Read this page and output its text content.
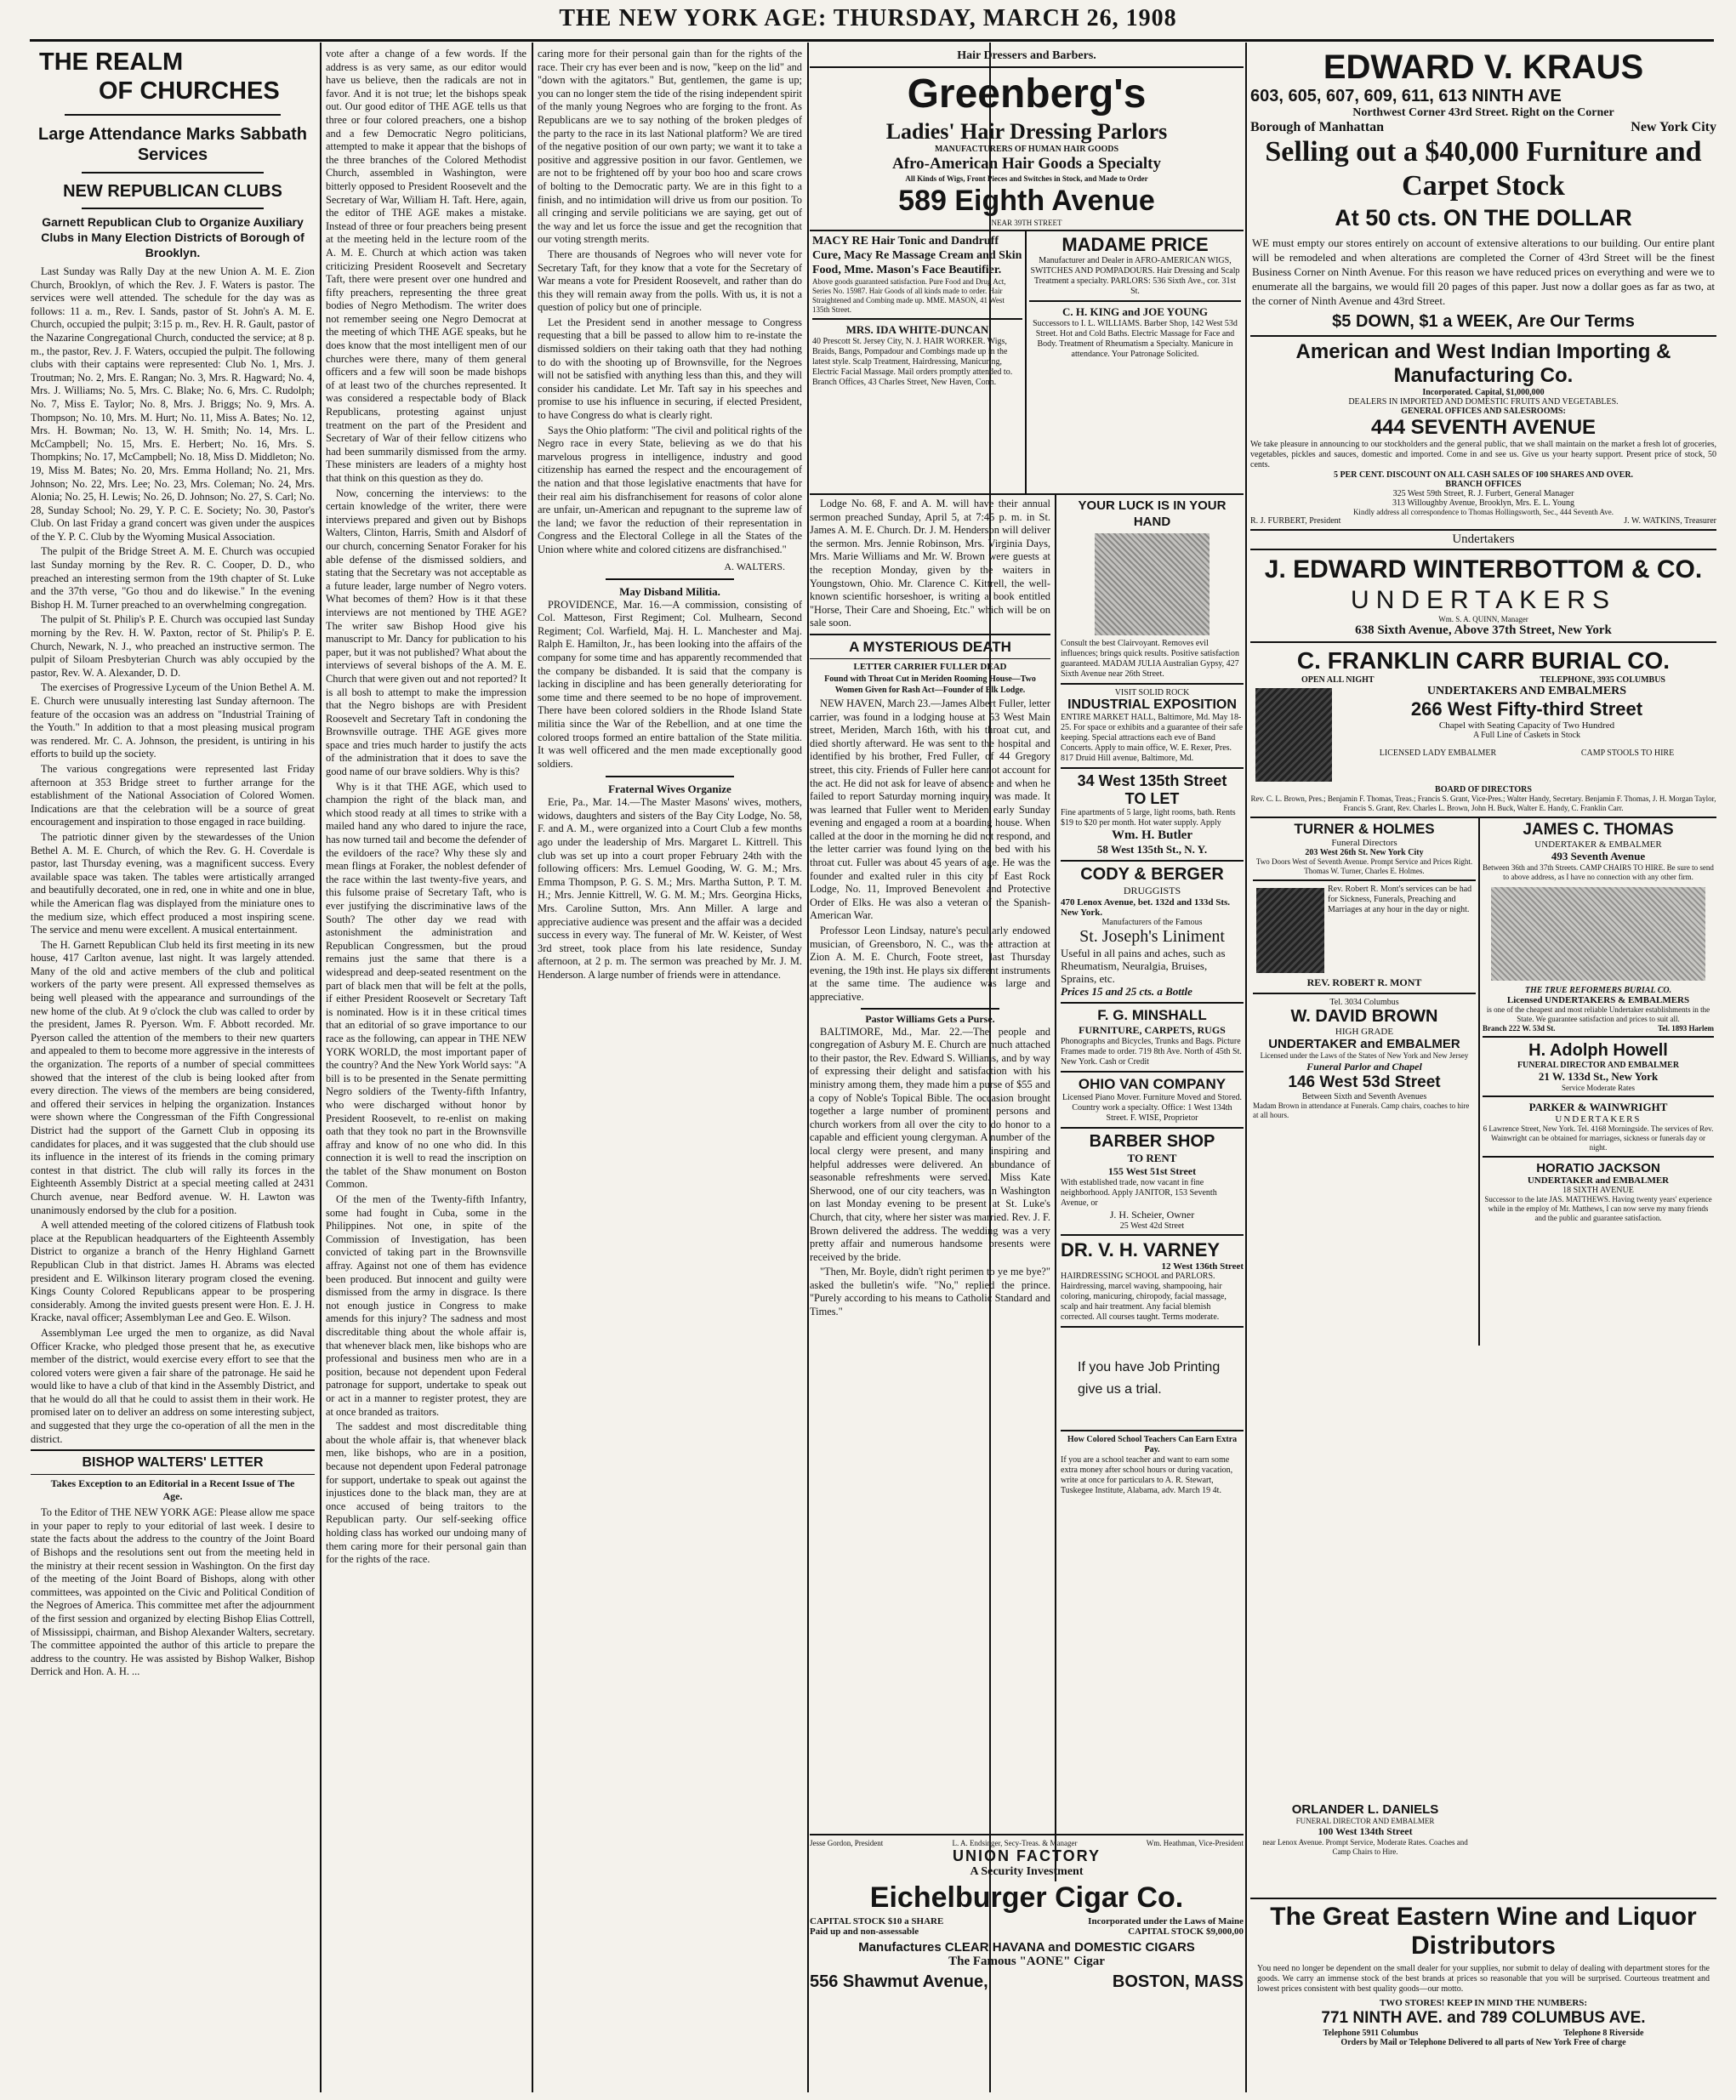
THE NEW YORK AGE: THURSDAY, MARCH 26, 1908
THE REALM
OF CHURCHES
Large Attendance Marks Sabbath Services
NEW REPUBLICAN CLUBS
Garnett Republican Club to Organize Auxiliary Clubs in Many Election Districts of Borough of Brooklyn.

Last Sunday was Rally Day at the new Union A. M. E. Zion Church, Brooklyn, of which the Rev. J. F. Waters is pastor. The services were well attended. The schedule for the day was as follows: 11 a. m., Rev. I. Sands, pastor of St. John's A. M. E. Church, occupied the pulpit; 3:15 p. m., Rev. H. R. Gault, pastor of the Nazarine Congregational Church, conducted the service; at 8 p. m., the pastor, Rev. J. F. Waters, occupied the pulpit. The following clubs with their captains were represented: Club No. 1, Mrs. J. Troutman; No. 2, Mrs. E. Rangan; No. 3, Mrs. R. Hagward; No. 4, Mrs. J. Williams; No. 5, Mrs. C. Blake; No. 6, Mrs. C. Rudolph; No. 7, Miss E. Taylor; No. 8, Mrs. J. Briggs; No. 9, Mrs. A. Thompson; No. 10, Mrs. M. Hurt; No. 11, Miss A. Bates; No. 12, Mrs. H. Bowman; No. 13, W. H. Smith; No. 14, Mrs. L. McCampbell; No. 15, Mrs. E. Herbert; No. 16, Mrs. S. Thompkins; No. 17, McCampbell; No. 18, Miss D. Middleton; No. 19, Miss M. Bates; No. 20, Mrs. Emma Holland; No. 21, Mrs. Johnson; No. 22, Mrs. Lee; No. 23, Mrs. Coleman; No. 24, Mrs. Alonia; No. 25, H. Lewis; No. 26, D. Johnson; No. 27, S. Carl; No. 28, Sunday School; No. 29, Y. P. C. E. Society; No. 30, Pastor's Club. On last Friday a grand concert was given under the auspices of the Y. P. C. Club by the Wyoming Musical Association.

The pulpit of the Bridge Street A. M. E. Church was occupied last Sunday morning by the Rev. R. C. Cooper, D. D., who preached an interesting sermon from the 19th chapter of St. Luke and the 37th verse, "Go thou and do likewise." In the evening Bishop H. M. Turner preached to an overwhelming congregation.

The pulpit of St. Philip's P. E. Church was occupied last Sunday morning by the Rev. H. W. Paxton, rector of St. Philip's P. E. Church, Newark, N. J., who preached an instructive sermon. The pulpit of Siloam Presbyterian Church was ably occupied by the pastor, Rev. W. A. Alexander, D. D.

The exercises of Progressive Lyceum of the Union Bethel A. M. E. Church were unusually interesting last Sunday afternoon. The feature of the occasion was an address on "Industrial Training of the Youth." In addition to that a most pleasing musical program was rendered. Mr. C. A. Johnson, the president, is untiring in his efforts to build up the society.

The various congregations were represented last Friday afternoon at 353 Bridge street to further arrange for the establishment of the National Association of Colored Women. Indications are that the celebration will be a source of great encouragement and inspiration to those engaged in race building.

The patriotic dinner given by the stewardesses of the Union Bethel A. M. E. Church, of which the Rev. G. H. Coverdale is pastor, last Thursday evening, was a magnificent success. Every available space was taken. The tables were artistically arranged and beautifully decorated, one in red, one in white and one in blue, while the American flag was displayed from the miniature ones to the medium size, which effect produced a most inspiring scene. The service and menu were excellent. A musical entertainment.

The H. Garnett Republican Club held its first meeting in its new house, 417 Carlton avenue, last night. It was largely attended. Many of the old and active members of the club and political workers of the party were present. All expressed themselves as being well pleased with the appearance and surroundings of the new home of the club. At 9 o'clock the club was called to order by the president, James R. Pyerson. Wm. F. Abbott recorded. Mr. Pyerson called the attention of the members to their new quarters and appealed to them to become more aggressive in the interests of the organization. The reports of a number of special committees showed that the interest of the club is being looked after from every direction. The views of the members are being considered, and offered their services in helping the organization. Instances were shown where the Congressman of the Fifth Congressional District had the support of the Garnett Club in opposing its candidates for places, and it was suggested that the club should use its influence in the interest of its friends in the coming primary contest in that district. The club will rally its forces in the Eighteenth Assembly District at a special meeting called at 2431 Church avenue, near Bedford avenue. W. H. Lawton was unanimously endorsed by the club for a position.

A well attended meeting of the colored citizens of Flatbush took place at the Republican headquarters of the Eighteenth Assembly District to organize a branch of the Henry Highland Garnett Republican Club in that district. James H. Abrams was elected president and E. Wilkinson literary program closed the evening. Kings County Colored Republicans appear to be prospering considerably. Among the invited guests present were Hon. E. J. H. Kracke, naval officer; Assemblyman Lee and Geo. E. Wilson.

Assemblyman Lee urged the men to organize, as did Naval Officer Kracke, who pledged those present that he, as executive member of the district, would exercise every effort to see that the colored voters were given a fair share of the patronage. He said he would like to have a club of that kind in the Assembly District, and that he would do all that he could to assist them in their work. He promised later on to deliver an address on some interesting subject, and suggested that they urge the co-operation of all the men in the district.

BISHOP WALTERS' LETTER
Takes Exception to an Editorial in a Recent Issue of The Age.

To the Editor of THE NEW YORK AGE: Please allow me space in your paper to reply to your editorial of last week. I desire to state the facts about the address to the country of the Joint Board of Bishops and the resolutions sent out from the meeting held in the ministry at their recent session in Washington. On the first day of the meeting of the Joint Board of Bishops, along with other committees, was appointed on the Civic and Political Condition of the Negroes of America. This committee met after the adjournment of the first session and organized by electing Bishop Elias Cottrell, of Mississippi, chairman, and Bishop Alexander Walters, secretary. The committee appointed the author of this article to prepare the address to the country. He was assisted by Bishop Walker, Bishop Derrick and Hon. A. H. ...

vote after a change of a few words. If the address is as very same, as our editor would have us believe, then the radicals are not in favor. And it is not true; let the bishops speak out. Our good editor of THE AGE tells us that three or four colored preachers, one a bishop and a few Democratic Negro politicians, attempted to make it appear that the bishops of the three branches of the Colored Methodist Church, assembled in Washington, were bitterly opposed to President Roosevelt and the Secretary of War, William H. Taft. Here, again, the editor of THE AGE makes a mistake. Instead of three or four preachers being present at the meeting held in the lecture room of the A. M. E. Church at which action was taken criticizing President Roosevelt and Secretary Taft, there were present over one hundred and fifty preachers, representing the three great bodies of Negro Methodism. The writer does not remember seeing one Negro Democrat at the meeting of which THE AGE speaks, but he does know that the most intelligent men of our churches were there, many of them general officers and a few will soon be made bishops of at least two of the churches represented. It was considered a respectable body of Black Republicans, protesting against unjust treatment on the part of the President and Secretary of War of their fellow citizens who had been summarily dismissed from the army. These ministers are leaders of a mighty host that think on this question as they do.

Now, concerning the interviews: to the certain knowledge of the writer, there were interviews prepared and given out by Bishops Walters, Clinton, Harris, Smith and Alsdorf of our church, concerning Senator Foraker for his able defense of the dismissed soldiers, and stating that the Secretary was not acceptable as a future leader, large number of Negro voters. What becomes of them? How is it that these interviews are not mentioned by THE AGE? The writer saw Bishop Hood give his manuscript to Mr. Dancy for publication to his paper, but it was not published? What about the interviews of several bishops of the A. M. E. Church that were given out and not reported? It is all bosh to attempt to make the impression that the Negro bishops are with President Roosevelt and Secretary Taft in condoning the Brownsville outrage. THE AGE gives more space and tries much harder to justify the acts of the administration that it does to save the good name of our brave soldiers. Why is this?

Why is it that THE AGE, which used to champion the right of the black man, and which stood ready at all times to strike with a mailed hand any who dared to injure the race, has now turned tail and become the defender of the evildoers of the race? Why these sly and mean flings at Foraker, the noblest defender of the race within the last twenty-five years, and this fulsome praise of Secretary Taft, who is ever justifying the discriminative laws of the South? The other day we read with astonishment the administration and Republican Congressmen, but the proud remains just the same that there is a widespread and deep-seated resentment on the part of black men that will be felt at the polls, if either President Roosevelt or Secretary Taft is nominated. How is it in these critical times that an editorial of so grave importance to our race as the following, can appear in THE NEW YORK WORLD, the most important paper of the country? And the New York World says: "A bill is to be presented in the Senate permitting Negro soldiers of the Twenty-fifth Infantry, who were discharged without honor by President Roosevelt, to re-enlist on making oath that they took no part in the Brownsville affray and know of no one who did. In this connection it is well to read the inscription on the tablet of the Shaw monument on Boston Common.

Of the men of the Twenty-fifth Infantry, some had fought in Cuba, some in the Philippines. Not one, in spite of the Commission of Investigation, has been convicted of taking part in the Brownsville affray. Against not one of them has evidence been produced. But innocent and guilty were dismissed from the army in disgrace. Is there not enough justice in Congress to make amends for this injury? The sadness and most discreditable thing about the whole affair is, that whenever black men, like bishops who are professional and business men who are in a position, because not dependent upon Federal patronage for support, undertake to speak out or act in a manner to register protest, they are at once branded as traitors.

The saddest and most discreditable thing about the whole affair is, that whenever black men, like bishops, who are in a position, because not dependent upon Federal patronage for support, undertake to speak out against the injustices done to the black man, they are at once accused of being traitors to the Republican party. Our self-seeking office holding class has worked our undoing many of them caring more for their personal gain than for the rights of the race.

caring more for their personal gain than for the rights of the race. Their cry has ever been and is now, "keep on the lid" and "down with the agitators." But, gentlemen, the game is up; you can no longer stem the tide of the rising independent spirit of the manly young Negroes who are forging to the front. As Republicans are we to say nothing of the broken pledges of the party to the race in its last National platform? We are tired of the negative position of our own party; we want it to take a positive and aggressive position in our favor. Gentlemen, we are not to be frightened off by your boo hoo and scare crows of bolting to the Democratic party. We are in this fight to a finish, and no intimidation will drive us from our position. To all cringing and servile politicians we are saying, get out of the way and let us force the issue and get the recognition that our voting strength merits.

There are thousands of Negroes who will never vote for Secretary Taft, for they know that a vote for the Secretary of War means a vote for President Roosevelt, and rather than do this they will remain away from the polls. With us, it is not a question of policy but one of principle.

Let the President send in another message to Congress requesting that a bill be passed to allow him to re-instate the dismissed soldiers on their taking oath that they had nothing to do with the shooting up of Brownsville, for the Negroes will not be satisfied with anything less than this, and they will consider his candidate. Let Mr. Taft say in his speeches and promise to use his influence in securing, if elected President, to have Congress do what is clearly right.

Says the Ohio platform: "The civil and political rights of the Negro race in every State, believing as we do that his marvelous progress in intelligence, industry and good citizenship has earned the respect and the encouragement of the nation and that those legislative enactments that have for their real aim his disfranchisement for reasons of color alone are unfair, un-American and repugnant to the supreme law of the land; we favor the reduction of their representation in Congress and the Electoral College in all the States of the Union where white and colored citizens are disfranchised."

A. WALTERS.
May Disband Militia.

PROVIDENCE, Mar. 16.—A commission, consisting of Col. Matteson, First Regiment; Col. Mulhearn, Second Regiment; Col. Warfield, Maj. H. L. Manchester and Maj. Ralph E. Hamilton, Jr., has been looking into the affairs of the company for some time and has apparently recommended that the company be disbanded. It is said that the company is lacking in discipline and has been generally deteriorating for some time and there seemed to be no hope of improvement. There have been colored soldiers in the Rhode Island State militia since the War of the Rebellion, and at one time the colored troops formed an entire battalion of the State militia. It was well officered and the men made exceptionally good soldiers.

Fraternal Wives Organize

Erie, Pa., Mar. 14.—The Master Masons' wives, mothers, widows, daughters and sisters of the Bay City Lodge, No. 58, F. and A. M., were organized into a Court Club a few months ago under the leadership of Mrs. Margaret L. Kittrell. This club was set up into a court proper February 24th with the following officers: Mrs. Lemuel Gooding, W. G. M.; Mrs. Emma Thompson, P. G. S. M.; Mrs. Martha Sutton, P. T. M. H.; Mrs. Jennie Kittrell, W. G. M. M.; Mrs. Georgina Hicks, Mrs. Caroline Sutton, Mrs. Ann Miller. A large and appreciative audience was present and the affair was a decided success in every way. The funeral of Mr. W. Keister, of West 3rd street, took place from his late residence, Sunday afternoon, at 2 p. m. The sermon was preached by Mr. J. M. Henderson. A large number of friends were in attendance.

Hair Dressers and Barbers.
Greenberg's
Ladies' Hair Dressing Parlors
MANUFACTURERS OF HUMAN HAIR GOODS
Afro-American Hair Goods a Specialty
All Kinds of Wigs, Front Pieces and Switches in Stock, and Made to Order
589 Eighth Avenue
NEAR 39TH STREET
MACY RE Hair Tonic and Dandruff Cure, Macy Re Massage Cream and Skin Food, Mme. Mason's Face Beautifier.
Above goods guaranteed satisfaction. Pure Food and Drug Act, Series No. 15987. Hair Goods of all kinds made to order. Hair Straightened and Combing made up. MME. MASON, 41 West 135th Street.
MRS. IDA WHITE-DUNCAN
40 Prescott St. Jersey City, N. J. HAIR WORKER. Wigs, Braids, Bangs, Pompadour and Combings made up in the latest style. Scalp Treatment, Hairdressing, Manicuring, Electric Facial Massage. Mail orders promptly attended to. Branch Offices, 43 Charles Street, New Haven, Conn.
MADAME PRICE
Manufacturer and Dealer in AFRO-AMERICAN WIGS, SWITCHES AND POMPADOURS. Hair Dressing and Scalp Treatment a specialty. PARLORS: 536 Sixth Ave., cor. 31st St.
C. H. KING and JOE YOUNG
Successors to I. L. WILLIAMS. Barber Shop, 142 West 53d Street. Hot and Cold Baths. Electric Massage for Face and Body. Treatment of Rheumatism a Specialty. Manicure in attendance. Your Patronage Solicited.

Lodge No. 68, F. and A. M. will have their annual sermon preached Sunday, April 5, at 7:45 p. m. in St. James A. M. E. Church. Dr. J. M. Henderson will deliver the sermon. Mrs. Jennie Robinson, Mrs. Virginia Days, Mrs. Marie Williams and Mr. W. Brown were guests at the reception Monday, given by the waiters in Youngstown, Ohio. Mr. Clarence C. Kittrell, the well-known scientific horseshoer, is writing a book entitled "Horse, Their Care and Shoeing, Etc." which will be on sale soon.

A MYSTERIOUS DEATH
LETTER CARRIER FULLER DEAD
Found with Throat Cut in Meriden Rooming House—Two Women Given for Rash Act—Founder of Elk Lodge.

NEW HAVEN, March 23.—James Albert Fuller, letter carrier, was found in a lodging house at 53 West Main street, Meriden, March 16th, with his throat cut, and died shortly afterward. He was sent to the hospital and identified by his brother, Fred Fuller, of 44 Gregory street, this city. Friends of Fuller here cannot account for the act. He did not ask for leave of absence and when he failed to report Saturday morning inquiry was made. It was learned that Fuller went to Meriden early Sunday evening and engaged a room at a boarding house. When called at the door in the morning he did not respond, and the letter carrier was found lying on the bed with his throat cut. Fuller was about 45 years of age. He was the founder and exalted ruler in this city of East Rock Lodge, No. 11, Improved Benevolent and Protective Order of Elks. He was also a veteran of the Spanish-American War.

Professor Leon Lindsay, nature's peculiarly endowed musician, of Greensboro, N. C., was the attraction at Zion A. M. E. Church, Foote street, last Thursday evening, the 19th inst. He plays six different instruments at the same time. The audience was large and appreciative.

Pastor Williams Gets a Purse.

BALTIMORE, Md., Mar. 22.—The people and congregation of Asbury M. E. Church are much attached to their pastor, the Rev. Edward S. Williams, and by way of expressing their delight and satisfaction with his ministry among them, they made him a purse of $55 and a copy of Noble's Topical Bible. The occasion brought together a large number of prominent persons and church workers from all over the city to do honor to a capable and efficient young clergyman. A number of the local clergy were present, and many inspiring and helpful addresses were delivered. An abundance of seasonable refreshments were served. Miss Kate Sherwood, one of our city teachers, was in Washington on last Monday evening to be present at St. Luke's Church, that city, where her sister was married. Rev. J. F. Brown delivered the address. The wedding was a very pretty affair and numerous handsome presents were received by the bride.

"Then, Mr. Boyle, didn't right perimen to ye me bye?" asked the bulletin's wife. "No," replied the prince. "Purely according to his means to Catholic Standard and Times."

YOUR LUCK IS IN YOUR HAND
Consult the best Clairvoyant. Removes evil influences; brings quick results. Positive satisfaction guaranteed. MADAM JULIA Australian Gypsy, 427 Sixth Avenue near 26th Street.
VISIT SOLID ROCK
INDUSTRIAL EXPOSITION
ENTIRE MARKET HALL, Baltimore, Md. May 18-25. For space or exhibits and a guarantee of their safe keeping. Special attractions each eve of Band Concerts. Apply to main office, W. E. Rexer, Pres. 817 Druid Hill avenue, Baltimore, Md.
34 West 135th Street
TO LET
Fine apartments of 5 large, light rooms, bath. Rents $19 to $20 per month. Hot water supply. Apply
Wm. H. Butler
58 West 135th St., N. Y.
CODY & BERGER
DRUGGISTS
470 Lenox Avenue, bet. 132d and 133d Sts. New York.
Manufacturers of the Famous
St. Joseph's Liniment
Useful in all pains and aches, such as Rheumatism, Neuralgia, Bruises, Sprains, etc.
Prices 15 and 25 cts. a Bottle
F. G. MINSHALL
FURNITURE, CARPETS, RUGS
Phonographs and Bicycles, Trunks and Bags. Picture Frames made to order. 719 8th Ave. North of 45th St. New York. Cash or Credit
OHIO VAN COMPANY
Licensed Piano Mover. Furniture Moved and Stored. Country work a specialty. Office: 1 West 134th Street. F. WISE, Proprietor
BARBER SHOP
TO RENT
155 West 51st Street
With established trade, now vacant in fine neighborhood. Apply JANITOR, 153 Seventh Avenue, or
J. H. Scheier, Owner
25 West 42d Street
DR. V. H. VARNEY
12 West 136th Street
HAIRDRESSING SCHOOL and PARLORS. Hairdressing, marcel waving, shampooing, hair coloring, manicuring, chiropody, facial massage, scalp and hair treatment. Any facial blemish corrected. All courses taught. Terms moderate.
If you have Job Printing give us a trial.
How Colored School Teachers Can Earn Extra Pay.
If you are a school teacher and want to earn some extra money after school hours or during vacation, write at once for particulars to A. R. Stewart, Tuskegee Institute, Alabama, adv. March 19 4t.
Jesse Gordon, President	L. A. Endsinger, Secy-Treas. & Manager	Wm. Heathman, Vice-President
UNION FACTORY
A Security Investment
Eichelburger Cigar Co.
CAPITAL STOCK $10 a SHARE	Incorporated under the Laws of Maine
Paid up and non-assessable	CAPITAL STOCK $9,000,00
Manufactures CLEAR HAVANA and DOMESTIC CIGARS
The Famous "AONE" Cigar
556 Shawmut Avenue,	BOSTON, MASS
EDWARD V. KRAUS
603, 605, 607, 609, 611, 613 NINTH AVE
Northwest Corner 43rd Street. Right on the Corner
Borough of Manhattan	New York City
Selling out a $40,000 Furniture and Carpet Stock
At 50 cts. ON THE DOLLAR
WE must empty our stores entirely on account of extensive alterations to our building. Our entire plant will be remodeled and when alterations are completed the Corner of 43rd Street will be the finest Business Corner on Ninth Avenue. For this reason we have reduced prices on everything and were we to enumerate all the bargains, we would fill 20 pages of this paper. Just now a dollar goes as far as two, at the corner of Ninth Avenue and 43rd Street.
$5 DOWN, $1 a WEEK, Are Our Terms
American and West Indian Importing & Manufacturing Co.
Incorporated. Capital, $1,000,000
DEALERS IN IMPORTED AND DOMESTIC FRUITS AND VEGETABLES.
GENERAL OFFICES AND SALESROOMS:
444 SEVENTH AVENUE
We take pleasure in announcing to our stockholders and the general public, that we shall maintain on the market a fresh lot of groceries, vegetables, pickles and sauces, domestic and imported. Come in and see us. Give us your hearty support. Present price of stock, 50 cents.
5 PER CENT. DISCOUNT ON ALL CASH SALES OF 100 SHARES AND OVER.
BRANCH OFFICES
325 West 59th Street, R. J. Furbert, General Manager
313 Willoughby Avenue, Brooklyn, Mrs. E. L. Young
Kindly address all correspondence to Thomas Hollingsworth, Sec., 444 Seventh Ave.
R. J. FURBERT, President	J. W. WATKINS, Treasurer
Undertakers
J. EDWARD WINTERBOTTOM & CO.
UNDERTAKERS
Wm. S. A. QUINN, Manager
638 Sixth Avenue, Above 37th Street, New York
C. FRANKLIN CARR BURIAL CO.
OPEN ALL NIGHT	TELEPHONE, 3935 COLUMBUS
UNDERTAKERS AND EMBALMERS
266 West Fifty-third Street
Chapel with Seating Capacity of Two Hundred
A Full Line of Caskets in Stock
LICENSED LADY EMBALMER	CAMP STOOLS TO HIRE
BOARD OF DIRECTORS
Rev. C. L. Brown, Pres.; Benjamin F. Thomas, Treas.; Francis S. Grant, Vice-Pres.; Walter Handy, Secretary. Benjamin F. Thomas, J. H. Morgan Taylor, Francis S. Grant, Rev. Charles L. Brown, John H. Buck, Walter E. Handy, C. Franklin Carr.
TURNER & HOLMES
Funeral Directors
203 West 26th St. New York City
Two Doors West of Seventh Avenue. Prompt Service and Prices Right. Thomas W. Turner, Charles E. Holmes.
Rev. Robert R. Mont's services can be had for Sickness, Funerals, Preaching and Marriages at any hour in the day or night.
REV. ROBERT R. MONT
Tel. 3034 Columbus
W. DAVID BROWN
HIGH GRADE
UNDERTAKER and EMBALMER
Licensed under the Laws of the States of New York and New Jersey
Funeral Parlor and Chapel
146 West 53d Street
Between Sixth and Seventh Avenues
Madam Brown in attendance at Funerals. Camp chairs, coaches to hire at all hours.
JAMES C. THOMAS
UNDERTAKER & EMBALMER
493 Seventh Avenue
Between 36th and 37th Streets. CAMP CHAIRS TO HIRE. Be sure to send to above address, as I have no connection with any other firm.
THE TRUE REFORMERS BURIAL CO.
Licensed UNDERTAKERS & EMBALMERS
is one of the cheapest and most reliable Undertaker establishments in the State. We guarantee satisfaction and prices to suit all.
Branch 222 W. 53d St.	Tel. 1893 Harlem
H. Adolph Howell
FUNERAL DIRECTOR AND EMBALMER
21 W. 133d St., New York
Service Moderate Rates
PARKER & WAINWRIGHT
UNDERTAKERS
6 Lawrence Street, New York. Tel. 4168 Morningside. The services of Rev. Wainwright can be obtained for marriages, sickness or funerals day or night.
HORATIO JACKSON
UNDERTAKER and EMBALMER
18 SIXTH AVENUE
Successor to the late JAS. MATTHEWS. Having twenty years' experience while in the employ of Mr. Matthews, I can now serve my many friends and the public and guarantee satisfaction.
ORLANDER L. DANIELS
FUNERAL DIRECTOR AND EMBALMER
100 West 134th Street
near Lenox Avenue. Prompt Service, Moderate Rates. Coaches and Camp Chairs to Hire.
The Great Eastern Wine and Liquor Distributors
You need no longer be dependent on the small dealer for your supplies, nor submit to delay of dealing with department stores for the goods. We carry an immense stock of the best brands at prices so reasonable that you will be surprised. Courteous treatment and lowest prices consistent with best quality goods—our motto.
TWO STORES! KEEP IN MIND THE NUMBERS:
771 NINTH AVE. and 789 COLUMBUS AVE.
Telephone 5911 Columbus	Telephone 8 Riverside
Orders by Mail or Telephone Delivered to all parts of New York Free of charge
